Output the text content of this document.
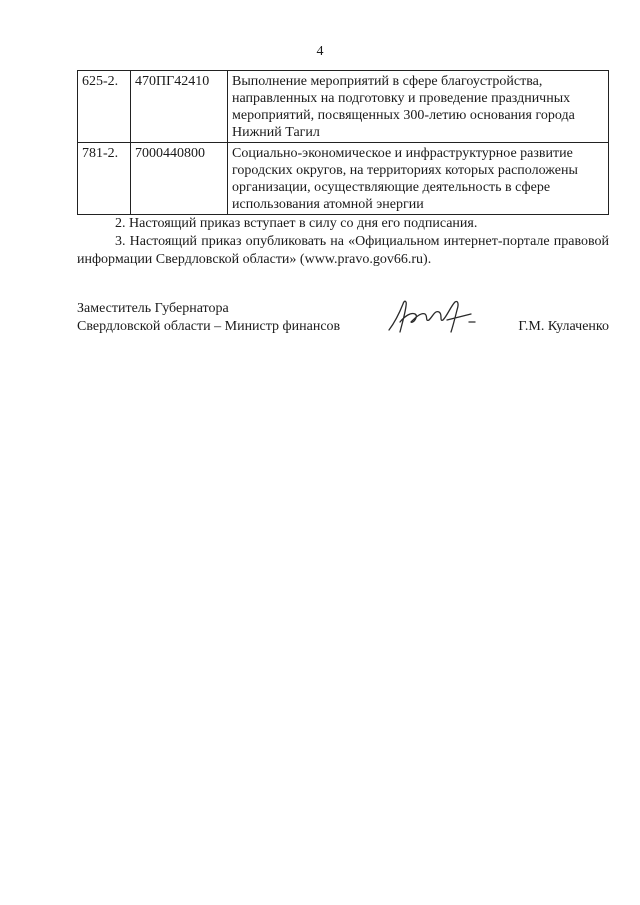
4
625-2.	470ПГ42410	Выполнение мероприятий в сфере благоустройства, направленных на подготовку и проведение праздничных мероприятий, посвященных 300-летию основания города Нижний Тагил
781-2.	7000440800	Социально-экономическое и инфраструктурное развитие городских округов, на территориях которых расположены организации, осуществляющие деятельность в сфере использования атомной энергии

2. Настоящий приказ вступает в силу со дня его подписания.

3. Настоящий приказ опубликовать на «Официальном интернет-портале правовой информации Свердловской области» (www.pravo.gov66.ru).

Заместитель Губернатора
Свердловской области – Министр финансов	Г.М. Кулаченко
